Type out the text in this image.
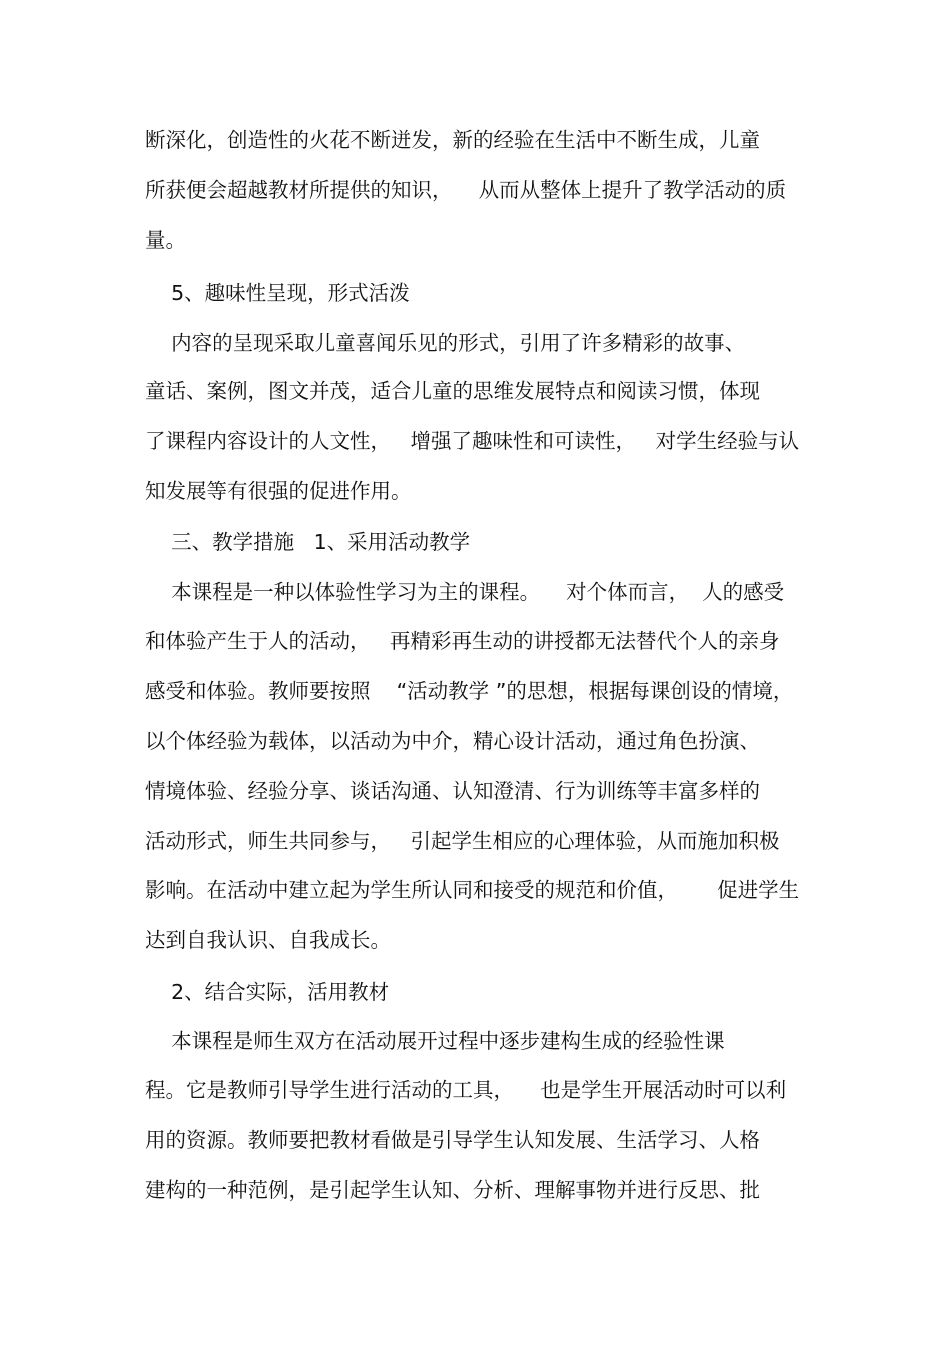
断深化，创造性的火花不断迸发，新的经验在生活中不断生成，儿童
所获便会超越教材所提供的知识，    从而从整体上提升了教学活动的质
量。
5、趣味性呈现，形式活泼
内容的呈现采取儿童喜闻乐见的形式，引用了许多精彩的故事、
童话、案例，图文并茂，适合儿童的思维发展特点和阅读习惯，体现
了课程内容设计的人文性，   增强了趣味性和可读性，   对学生经验与认
知发展等有很强的促进作用。
三、教学措施   1、采用活动教学
本课程是一种以体验性学习为主的课程。    对个体而言，  人的感受
和体验产生于人的活动，   再精彩再生动的讲授都无法替代个人的亲身
感受和体验。教师要按照    “活动教学 ”的思想，根据每课创设的情境，
以个体经验为载体，以活动为中介，精心设计活动，通过角色扮演、
情境体验、经验分享、谈话沟通、认知澄清、行为训练等丰富多样的
活动形式，师生共同参与，   引起学生相应的心理体验，从而施加积极
影响。在活动中建立起为学生所认同和接受的规范和价值，      促进学生
达到自我认识、自我成长。
2、结合实际，活用教材
本课程是师生双方在活动展开过程中逐步建构生成的经验性课
程。它是教师引导学生进行活动的工具，    也是学生开展活动时可以利
用的资源。教师要把教材看做是引导学生认知发展、生活学习、人格
建构的一种范例，是引起学生认知、分析、理解事物并进行反思、批
